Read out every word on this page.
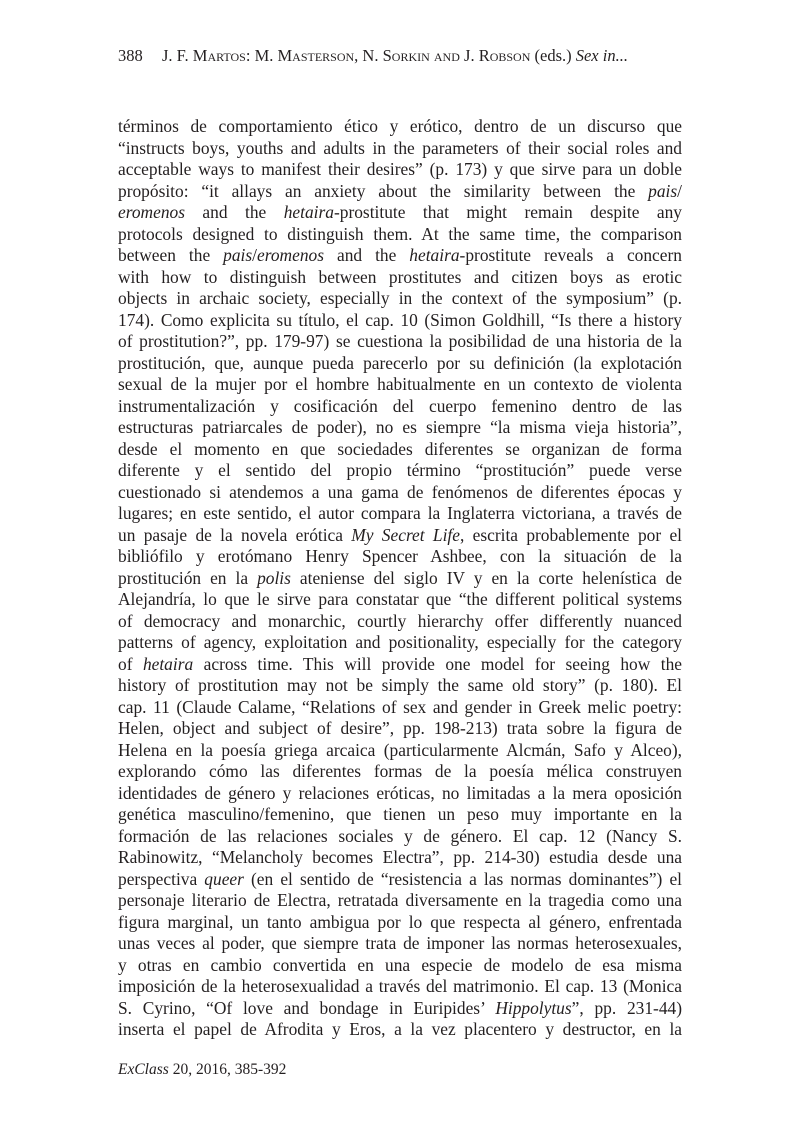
388 J. F. Martos: M. Masterson, N. Sorkin and J. Robson (eds.) Sex in...
términos de comportamiento ético y erótico, dentro de un discurso que
“instructs boys, youths and adults in the parameters of their social roles and
acceptable ways to manifest their desires” (p. 173) y que sirve para un doble
propósito: “it allays an anxiety about the similarity between the pais/
eromenos and the hetaira-prostitute that might remain despite any
protocols designed to distinguish them. At the same time, the comparison
between the pais/eromenos and the hetaira-prostitute reveals a concern
with how to distinguish between prostitutes and citizen boys as erotic
objects in archaic society, especially in the context of the symposium” (p.
174). Como explicita su título, el cap. 10 (Simon Goldhill, “Is there a history
of prostitution?”, pp. 179-97) se cuestiona la posibilidad de una historia de la
prostitución, que, aunque pueda parecerlo por su definición (la explotación
sexual de la mujer por el hombre habitualmente en un contexto de violenta
instrumentalización y cosificación del cuerpo femenino dentro de las
estructuras patriarcales de poder), no es siempre “la misma vieja historia”,
desde el momento en que sociedades diferentes se organizan de forma
diferente y el sentido del propio término “prostitución” puede verse
cuestionado si atendemos a una gama de fenómenos de diferentes épocas y
lugares; en este sentido, el autor compara la Inglaterra victoriana, a través de
un pasaje de la novela erótica My Secret Life, escrita probablemente por el
bibliófilo y erotómano Henry Spencer Ashbee, con la situación de la
prostitución en la polis ateniense del siglo IV y en la corte helenística de
Alejandría, lo que le sirve para constatar que “the different political systems
of democracy and monarchic, courtly hierarchy offer differently nuanced
patterns of agency, exploitation and positionality, especially for the category
of hetaira across time. This will provide one model for seeing how the
history of prostitution may not be simply the same old story” (p. 180). El
cap. 11 (Claude Calame, “Relations of sex and gender in Greek melic poetry:
Helen, object and subject of desire”, pp. 198-213) trata sobre la figura de
Helena en la poesía griega arcaica (particularmente Alcmán, Safo y Alceo),
explorando cómo las diferentes formas de la poesía mélica construyen
identidades de género y relaciones eróticas, no limitadas a la mera oposición
genética masculino/femenino, que tienen un peso muy importante en la
formación de las relaciones sociales y de género. El cap. 12 (Nancy S.
Rabinowitz, “Melancholy becomes Electra”, pp. 214-30) estudia desde una
perspectiva queer (en el sentido de “resistencia a las normas dominantes”) el
personaje literario de Electra, retratada diversamente en la tragedia como una
figura marginal, un tanto ambigua por lo que respecta al género, enfrentada
unas veces al poder, que siempre trata de imponer las normas heterosexuales,
y otras en cambio convertida en una especie de modelo de esa misma
imposición de la heterosexualidad a través del matrimonio. El cap. 13 (Monica
S. Cyrino, “Of love and bondage in Euripides’ Hippolytus”, pp. 231-44)
inserta el papel de Afrodita y Eros, a la vez placentero y destructor, en la
ExClass 20, 2016, 385-392
